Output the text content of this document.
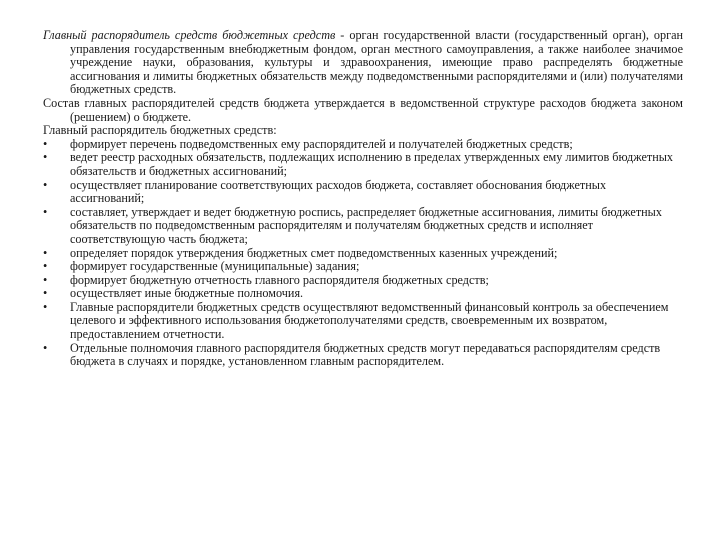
Главный распорядитель средств бюджетных средств - орган государственной власти (государственный орган), орган управления государственным внебюджетным фондом, орган местного самоуправления, а также наиболее значимое учреждение науки, образования, культуры и здравоохранения, имеющие право распределять бюджетные ассигнования и лимиты бюджетных обязательств между подведомственными распорядителями и (или) получателями бюджетных средств.

Состав главных распорядителей средств бюджета утверждается в ведомственной структуре расходов бюджета законом (решением) о бюджете.

Главный распорядитель бюджетных средств:

•	формирует перечень подведомственных ему распорядителей и получателей бюджетных средств;
•	ведет реестр расходных обязательств, подлежащих исполнению в пределах утвержденных ему лимитов бюджетных обязательств и бюджетных ассигнований;
•	осуществляет планирование соответствующих расходов бюджета, составляет обоснования бюджетных ассигнований;
•	составляет, утверждает и ведет бюджетную роспись, распределяет бюджетные ассигнования, лимиты бюджетных обязательств по подведомственным распорядителям и получателям бюджетных средств и исполняет соответствующую часть бюджета;
•	определяет порядок утверждения бюджетных смет подведомственных казенных учреждений;
•	формирует государственные (муниципальные) задания;
•	формирует бюджетную отчетность главного распорядителя бюджетных средств;
•	осуществляет иные бюджетные полномочия.
•	Главные распорядители бюджетных средств осуществляют ведомственный финансовый контроль за обеспечением целевого и эффективного использования бюджетополучателями средств, своевременным их возвратом, предоставлением отчетности.
•	Отдельные полномочия главного распорядителя бюджетных средств могут передаваться распорядителям средств бюджета в случаях и порядке, установленном главным распорядителем.
